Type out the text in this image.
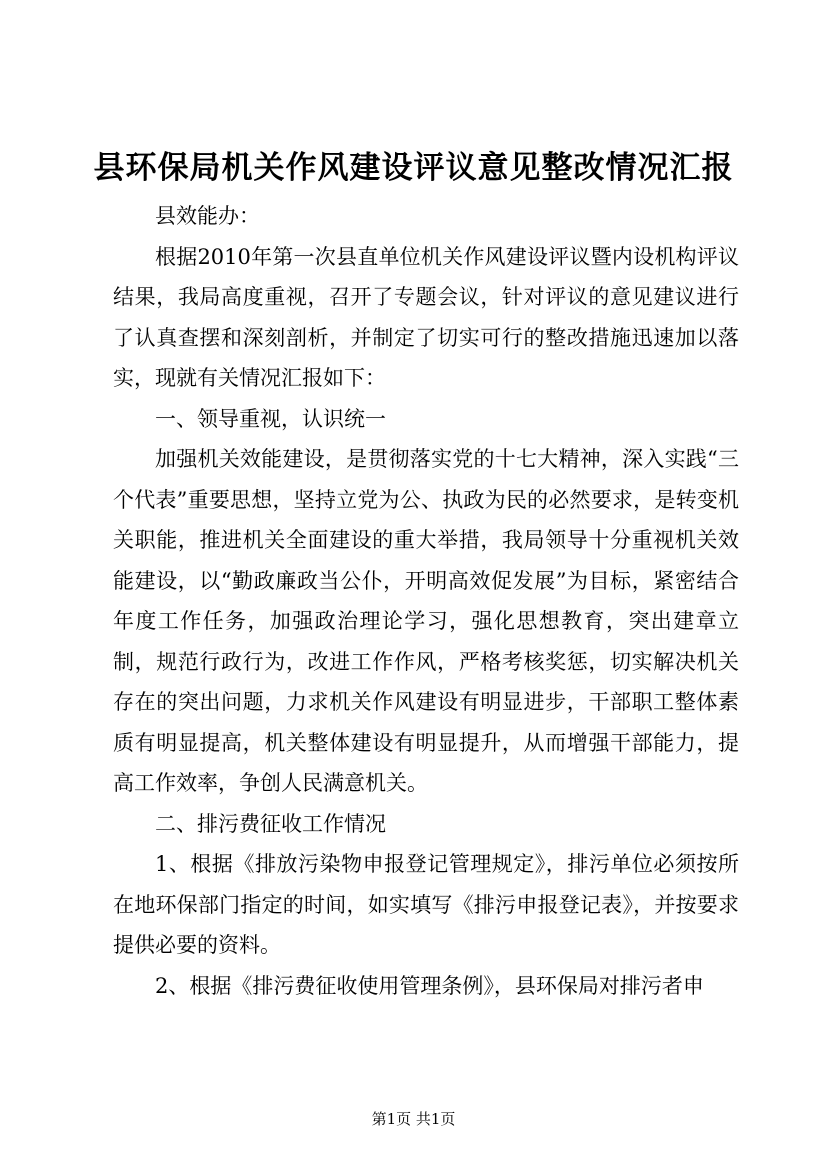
县环保局机关作风建设评议意见整改情况汇报

县效能办：

根据2010年第一次县直单位机关作风建设评议暨内设机构评议结果，我局高度重视，召开了专题会议，针对评议的意见建议进行了认真查摆和深刻剖析，并制定了切实可行的整改措施迅速加以落实，现就有关情况汇报如下：

一、领导重视，认识统一

加强机关效能建设，是贯彻落实党的十七大精神，深入实践“三个代表”重要思想，坚持立党为公、执政为民的必然要求，是转变机关职能，推进机关全面建设的重大举措，我局领导十分重视机关效能建设，以“勤政廉政当公仆，开明高效促发展”为目标，紧密结合年度工作任务，加强政治理论学习，强化思想教育，突出建章立制，规范行政行为，改进工作作风，严格考核奖惩，切实解决机关存在的突出问题，力求机关作风建设有明显进步，干部职工整体素质有明显提高，机关整体建设有明显提升，从而增强干部能力，提高工作效率，争创人民满意机关。

二、排污费征收工作情况

1、根据《排放污染物申报登记管理规定》，排污单位必须按所在地环保部门指定的时间，如实填写《排污申报登记表》，并按要求提供必要的资料。

2、根据《排污费征收使用管理条例》，县环保局对排污者申

第1页 共1页
